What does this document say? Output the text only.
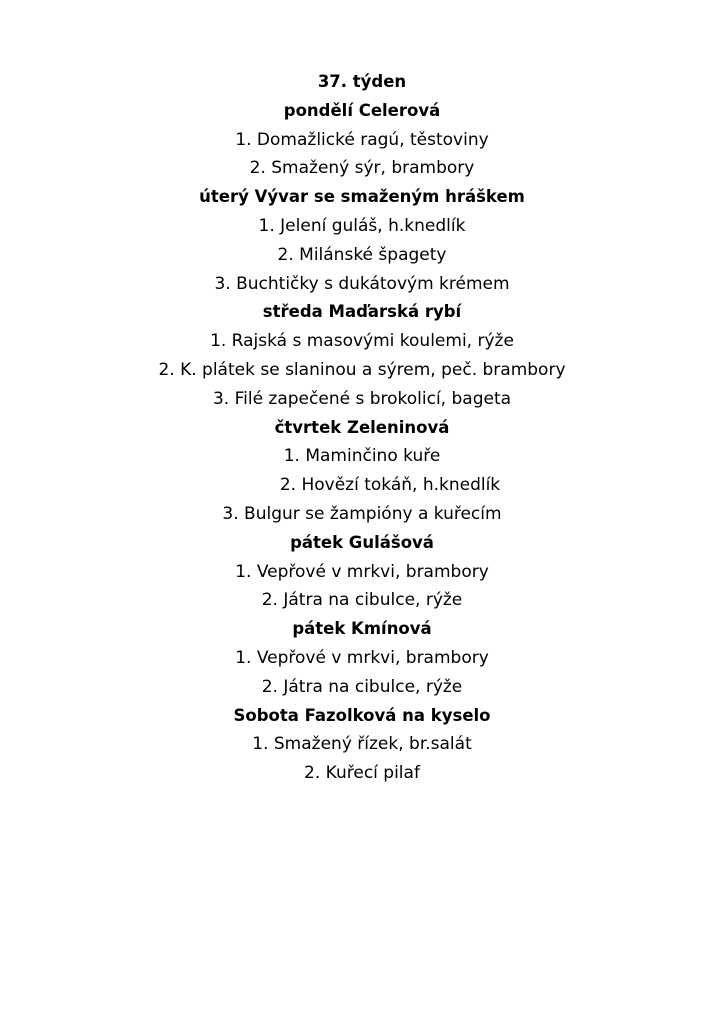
37. týden
pondělí Celerová
1. Domažlické ragú, těstoviny
2. Smažený sýr, brambory
úterý Vývar se smaženým hráškem
1. Jelení guláš, h.knedlík
2. Milánské špagety
3. Buchtičky s dukátovým krémem
středa Maďarská rybí
1. Rajská s masovými koulemi, rýže
2. K. plátek se slaninou a sýrem, peč. brambory
3. Filé zapečené s brokolicí, bageta
čtvrtek Zeleninová
1. Maminčino kuře
2. Hovězí tokáň, h.knedlík
3. Bulgur se žampióny a kuřecím
pátek Gulášová
1. Vepřové v mrkvi, brambory
2. Játra na cibulce, rýže
pátek Kmínová
1. Vepřové v mrkvi, brambory
2. Játra na cibulce, rýže
Sobota Fazolková na kyselo
1. Smažený řízek, br.salát
2. Kuřecí pilaf
